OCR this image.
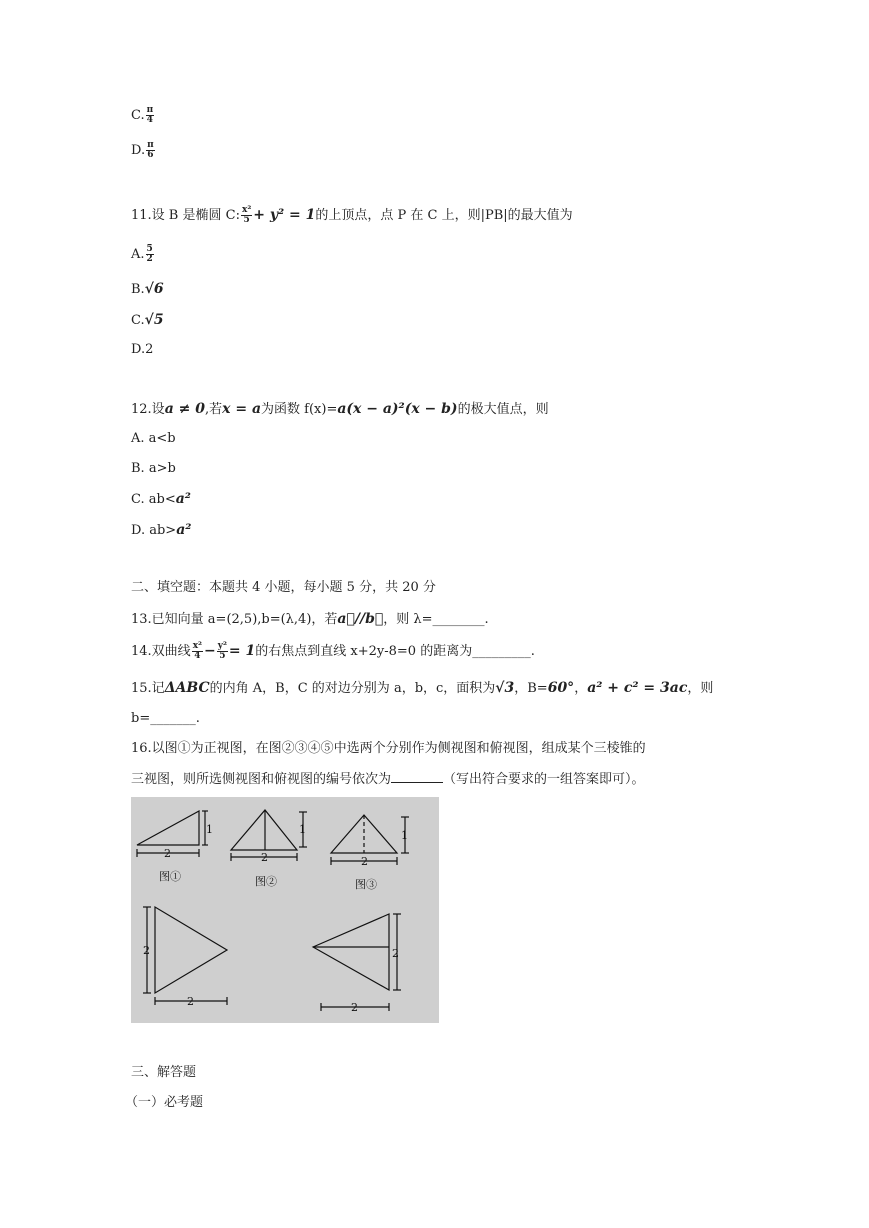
C. $\frac{\pi}{4}$
D. $\frac{\pi}{6}$
11.设 B 是椭圆 C: $\frac{\text{x²}}{5} + y^2 = 1$的上顶点，点 P 在 C 上，则|PB|的最大值为
A. $\frac{5}{2}$
B.√6
C.√5
D.2
12.设a ≠ 0,若x = a为函数 f(x)=a(x − a)²(x − b)的极大值点，则
A. a<b
B. a>b
C. ab<a²
D. ab>a²
二、填空题：本题共 4 小题，每小题 5 分，共 20 分
13.已知向量 a=(2,5),b=(λ,4)，若a⃗//b⃗，则 λ=________.
14.双曲线 $\frac{\text{x²}}{4} - \frac{\text{y²}}{5} = 1$的右焦点到直线 x+2y-8=0 的距离为_________.
15.记ΔABC的内角 A，B，C 的对边分别为 a，b，c，面积为√3，B=60°，a² + c² = 3ac，则
b=_______.
16.以图①为正视图，在图②③④⑤中选两个分别作为侧视图和俯视图，组成某个三棱锥的
三视图，则所选侧视图和俯视图的编号依次为	（写出符合要求的一组答案即可）。
1
2
图①
1
2
图②
1
2
图③
2
2
2
2
三、解答题
（一）必考题
